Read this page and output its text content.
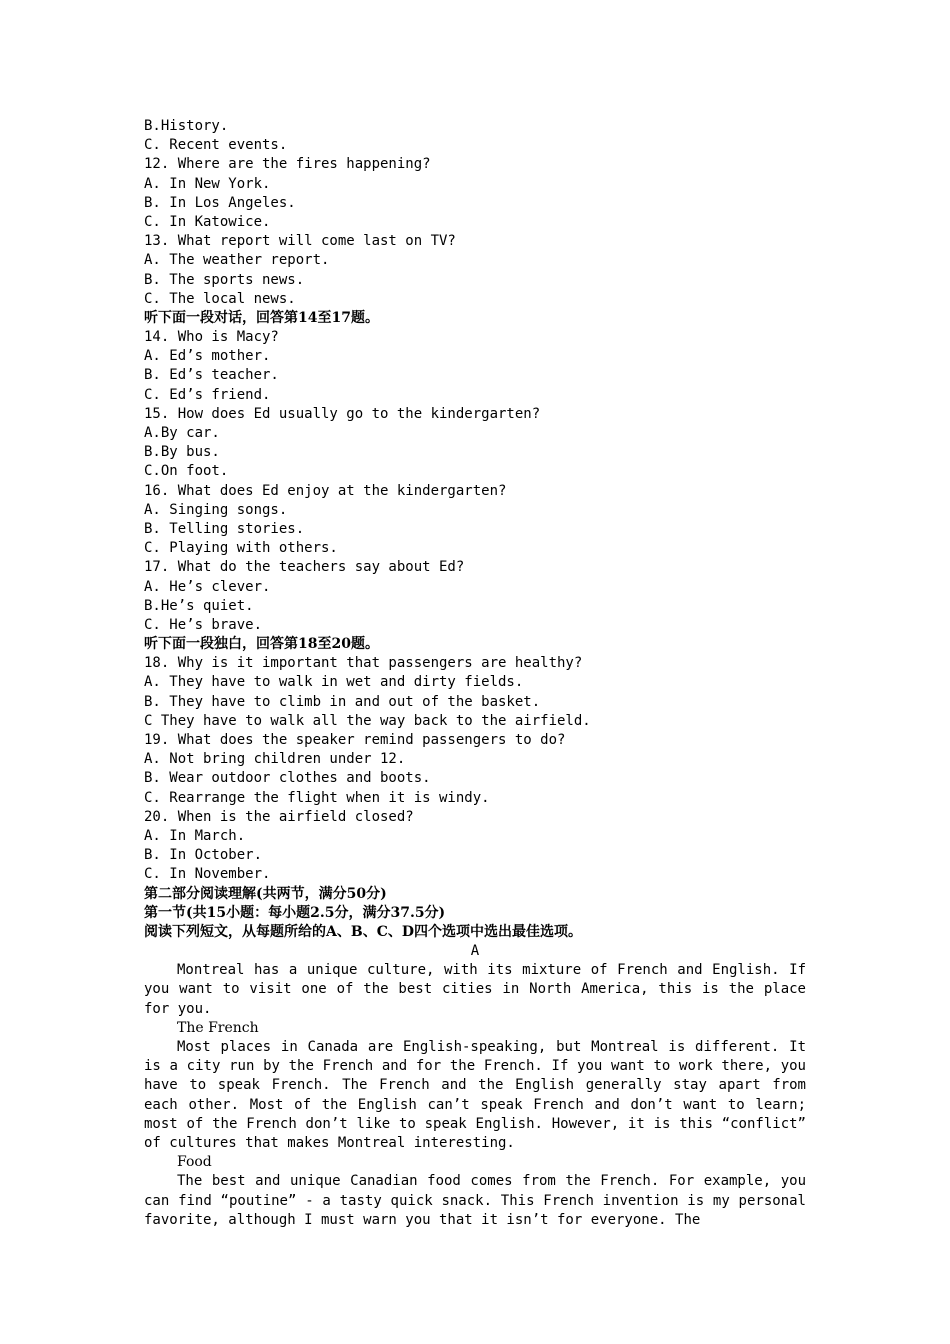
B.History.
C. Recent events.
12. Where are the fires happening?
A. In New York.
B. In Los Angeles.
C. In Katowice.
13. What report will come last on TV?
A. The weather report.
B. The sports news.
C. The local news.
听下面一段对话，回答第14至17题。
14. Who is Macy?
A. Ed’s mother.
B. Ed’s teacher.
C. Ed’s friend.
15. How does Ed usually go to the kindergarten?
A.By car.
B.By bus.
C.On foot.
16. What does Ed enjoy at the kindergarten?
A. Singing songs.
B. Telling stories.
C. Playing with others.
17. What do the teachers say about Ed?
A. He’s clever.
B.He’s quiet.
C. He’s brave.
听下面一段独白，回答第18至20题。
18. Why is it important that passengers are healthy?
A. They have to walk in wet and dirty fields.
B. They have to climb in and out of the basket.
C They have to walk all the way back to the airfield.
19. What does the speaker remind passengers to do?
A. Not bring children under 12.
B. Wear outdoor clothes and boots.
C. Rearrange the flight when it is windy.
20. When is the airfield closed?
A. In March.
B. In October.
C. In November.
第二部分阅读理解(共两节，满分50分)
第一节(共15小题：每小题2.5分，满分37.5分)
阅读下列短文，从每题所给的A、B、C、D四个选项中选出最佳选项。
A
Montreal has a unique culture, with its mixture of French and English. If you want to visit one of the best cities in North America, this is the place for you.
The French
Most places in Canada are English-speaking, but Montreal is different. It is a city run by the French and for the French. If you want to work there, you have to speak French. The French and the English generally stay apart from each other. Most of the English can’t speak French and don’t want to learn; most of the French don’t like to speak English. However, it is this “conflict” of cultures that makes Montreal interesting.
Food
The best and unique Canadian food comes from the French. For example, you can find “poutine” - a tasty quick snack. This French invention is my personal favorite, although I must warn you that it isn’t for everyone. The
